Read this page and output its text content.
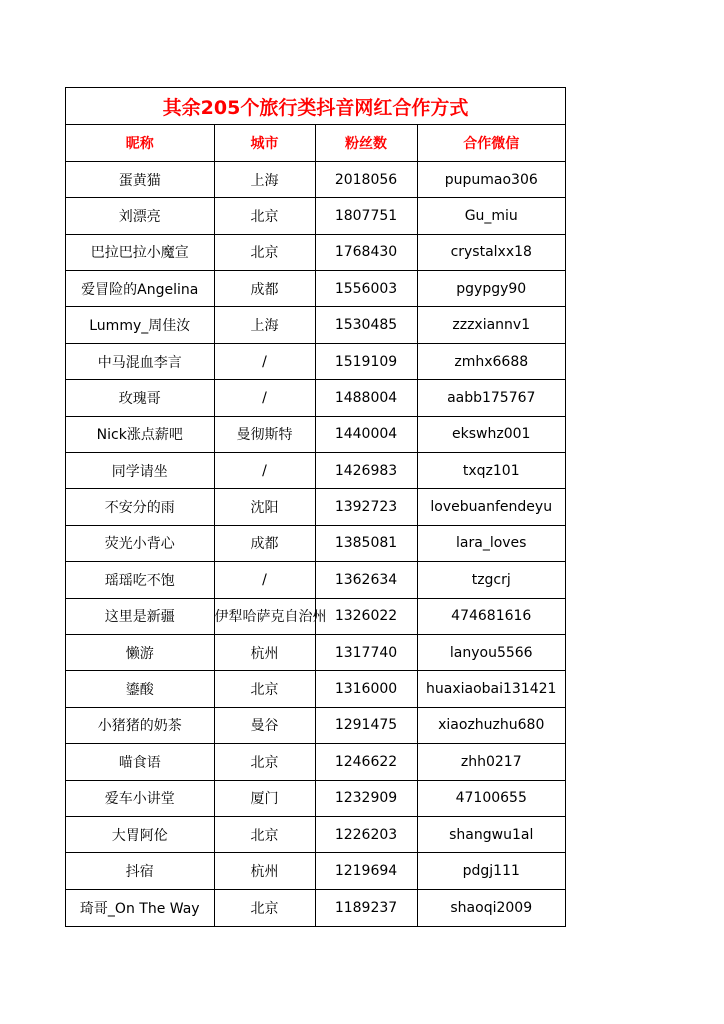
其余205个旅行类抖音网红合作方式
昵称	城市	粉丝数	合作微信
蛋黄猫	上海	2018056	pupumao306
刘漂亮	北京	1807751	Gu_miu
巴拉巴拉小魔宣	北京	1768430	crystalxx18
爱冒险的Angelina	成都	1556003	pgypgy90
Lummy_周佳汝	上海	1530485	zzzxiannv1
中马混血李言	/	1519109	zmhx6688
玫瑰哥	/	1488004	aabb175767
Nick涨点薪吧	曼彻斯特	1440004	ekswhz001
同学请坐	/	1426983	txqz101
不安分的雨	沈阳	1392723	lovebuanfendeyu
荧光小背心	成都	1385081	lara_loves
瑶瑶吃不饱	/	1362634	tzgcrj
这里是新疆	伊犁哈萨克自治州	1326022	474681616
懒游	杭州	1317740	lanyou5566
鎏酸	北京	1316000	huaxiaobai131421
小猪猪的奶茶	曼谷	1291475	xiaozhuzhu680
喵食语	北京	1246622	zhh0217
爱车小讲堂	厦门	1232909	47100655
大胃阿伦	北京	1226203	shangwu1al
抖宿	杭州	1219694	pdgj111
琦哥_On The Way	北京	1189237	shaoqi2009
